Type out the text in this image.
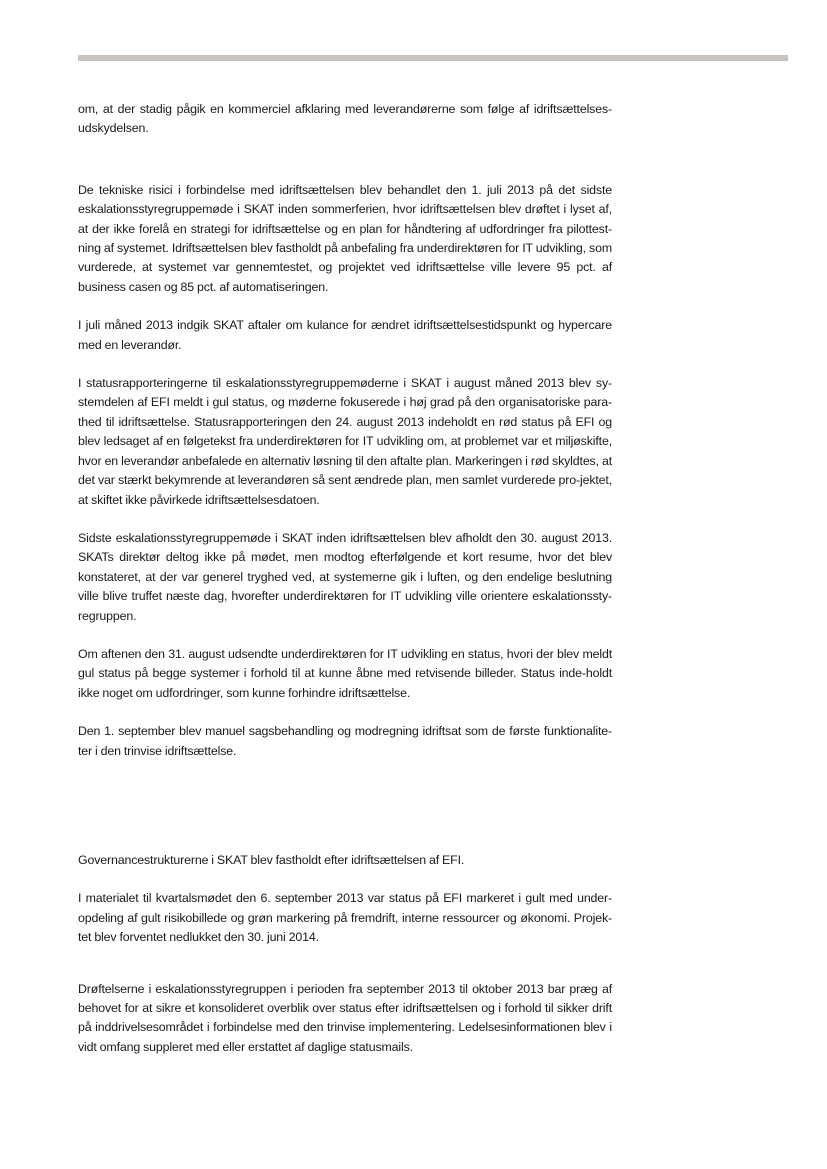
om, at der stadig pågik en kommerciel afklaring med leverandørerne som følge af idriftsættelses-udskydelsen.

De tekniske risici i forbindelse med idriftsættelsen blev behandlet den 1. juli 2013 på det sidste eskalationsstyregruppemøde i SKAT inden sommerferien, hvor idriftsættelsen blev drøftet i lyset af, at der ikke forelå en strategi for idriftsættelse og en plan for håndtering af udfordringer fra pilottest-ning af systemet. Idriftsættelsen blev fastholdt på anbefaling fra underdirektøren for IT udvikling, som vurderede, at systemet var gennemtestet, og projektet ved idriftsættelse ville levere 95 pct. af business casen og 85 pct. af automatiseringen.

I juli måned 2013 indgik SKAT aftaler om kulance for ændret idriftsættelsestidspunkt og hypercare med en leverandør.

I statusrapporteringerne til eskalationsstyregruppemøderne i SKAT i august måned 2013 blev sy-stemdelen af EFI meldt i gul status, og møderne fokuserede i høj grad på den organisatoriske para-thed til idriftsættelse. Statusrapporteringen den 24. august 2013 indeholdt en rød status på EFI og blev ledsaget af en følgetekst fra underdirektøren for IT udvikling om, at problemet var et miljøskifte, hvor en leverandør anbefalede en alternativ løsning til den aftalte plan. Markeringen i rød skyldtes, at det var stærkt bekymrende at leverandøren så sent ændrede plan, men samlet vurderede pro-jektet, at skiftet ikke påvirkede idriftsættelsesdatoen.

Sidste eskalationsstyregruppemøde i SKAT inden idriftsættelsen blev afholdt den 30. august 2013. SKATs direktør deltog ikke på mødet, men modtog efterfølgende et kort resume, hvor det blev konstateret, at der var generel tryghed ved, at systemerne gik i luften, og den endelige beslutning ville blive truffet næste dag, hvorefter underdirektøren for IT udvikling ville orientere eskalationssty-regruppen.

Om aftenen den 31. august udsendte underdirektøren for IT udvikling en status, hvori der blev meldt gul status på begge systemer i forhold til at kunne åbne med retvisende billeder. Status inde-holdt ikke noget om udfordringer, som kunne forhindre idriftsættelse.

Den 1. september blev manuel sagsbehandling og modregning idriftsat som de første funktionalite-ter i den trinvise idriftsættelse.

Governancestrukturerne i SKAT blev fastholdt efter idriftsættelsen af EFI.

I materialet til kvartalsmødet den 6. september 2013 var status på EFI markeret i gult med under-opdeling af gult risikobillede og grøn markering på fremdrift, interne ressourcer og økonomi. Projek-tet blev forventet nedlukket den 30. juni 2014.

Drøftelserne i eskalationsstyregruppen i perioden fra september 2013 til oktober 2013 bar præg af behovet for at sikre et konsolideret overblik over status efter idriftsættelsen og i forhold til sikker drift på inddrivelsesområdet i forbindelse med den trinvise implementering. Ledelsesinformationen blev i vidt omfang suppleret med eller erstattet af daglige statusmails.
